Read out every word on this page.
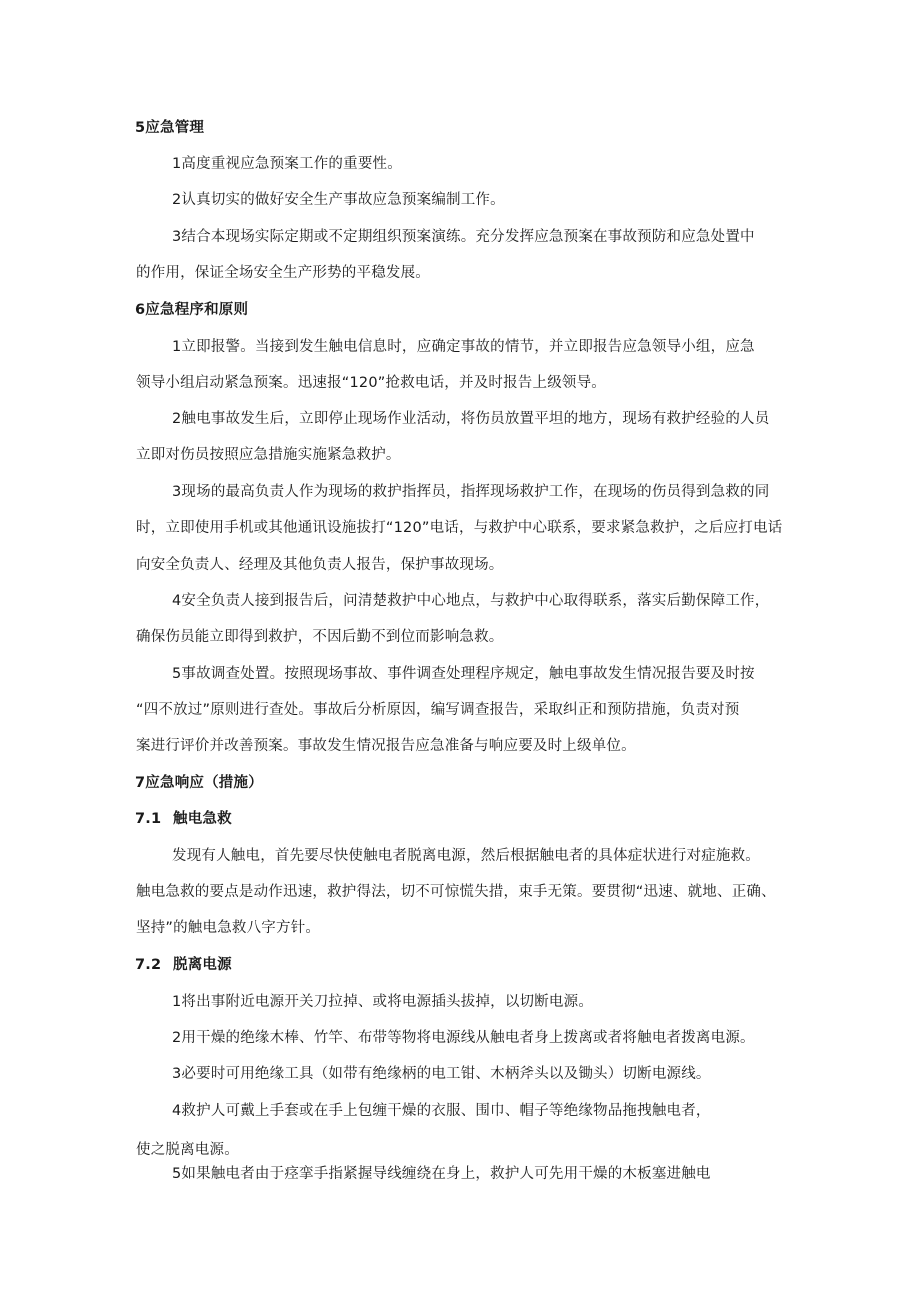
5应急管理

1高度重视应急预案工作的重要性。

2认真切实的做好安全生产事故应急预案编制工作。

3结合本现场实际定期或不定期组织预案演练。充分发挥应急预案在事故预防和应急处置中

的作用，保证全场安全生产形势的平稳发展。

6应急程序和原则

1立即报警。当接到发生触电信息时，应确定事故的情节，并立即报告应急领导小组，应急

领导小组启动紧急预案。迅速报“120”抢救电话，并及时报告上级领导。

2触电事故发生后，立即停止现场作业活动，将伤员放置平坦的地方，现场有救护经验的人员

立即对伤员按照应急措施实施紧急救护。

3现场的最高负责人作为现场的救护指挥员，指挥现场救护工作，在现场的伤员得到急救的同

时，立即使用手机或其他通讯设施拔打“120”电话，与救护中心联系，要求紧急救护，之后应打电话

向安全负责人、经理及其他负责人报告，保护事故现场。

4安全负责人接到报告后，问清楚救护中心地点，与救护中心取得联系，落实后勤保障工作，

确保伤员能立即得到救护，不因后勤不到位而影响急救。

5事故调查处置。按照现场事故、事件调查处理程序规定，触电事故发生情况报告要及时按

“四不放过”原则进行查处。事故后分析原因，编写调查报告，采取纠正和预防措施，负责对预

案进行评价并改善预案。事故发生情况报告应急准备与响应要及时上级单位。

7应急响应（措施）

7.1 触电急救

发现有人触电，首先要尽快使触电者脱离电源，然后根据触电者的具体症状进行对症施救。

触电急救的要点是动作迅速，救护得法，切不可惊慌失措，束手无策。要贯彻“迅速、就地、正确、

坚持”的触电急救八字方针。

7.2 脱离电源

1将出事附近电源开关刀拉掉、或将电源插头拔掉，以切断电源。

2用干燥的绝缘木棒、竹竿、布带等物将电源线从触电者身上拨离或者将触电者拨离电源。

3必要时可用绝缘工具（如带有绝缘柄的电工钳、木柄斧头以及锄头）切断电源线。

4救护人可戴上手套或在手上包缠干燥的衣服、围巾、帽子等绝缘物品拖拽触电者，

使之脱离电源。

5如果触电者由于痉挛手指紧握导线缠绕在身上，救护人可先用干燥的木板塞进触电
